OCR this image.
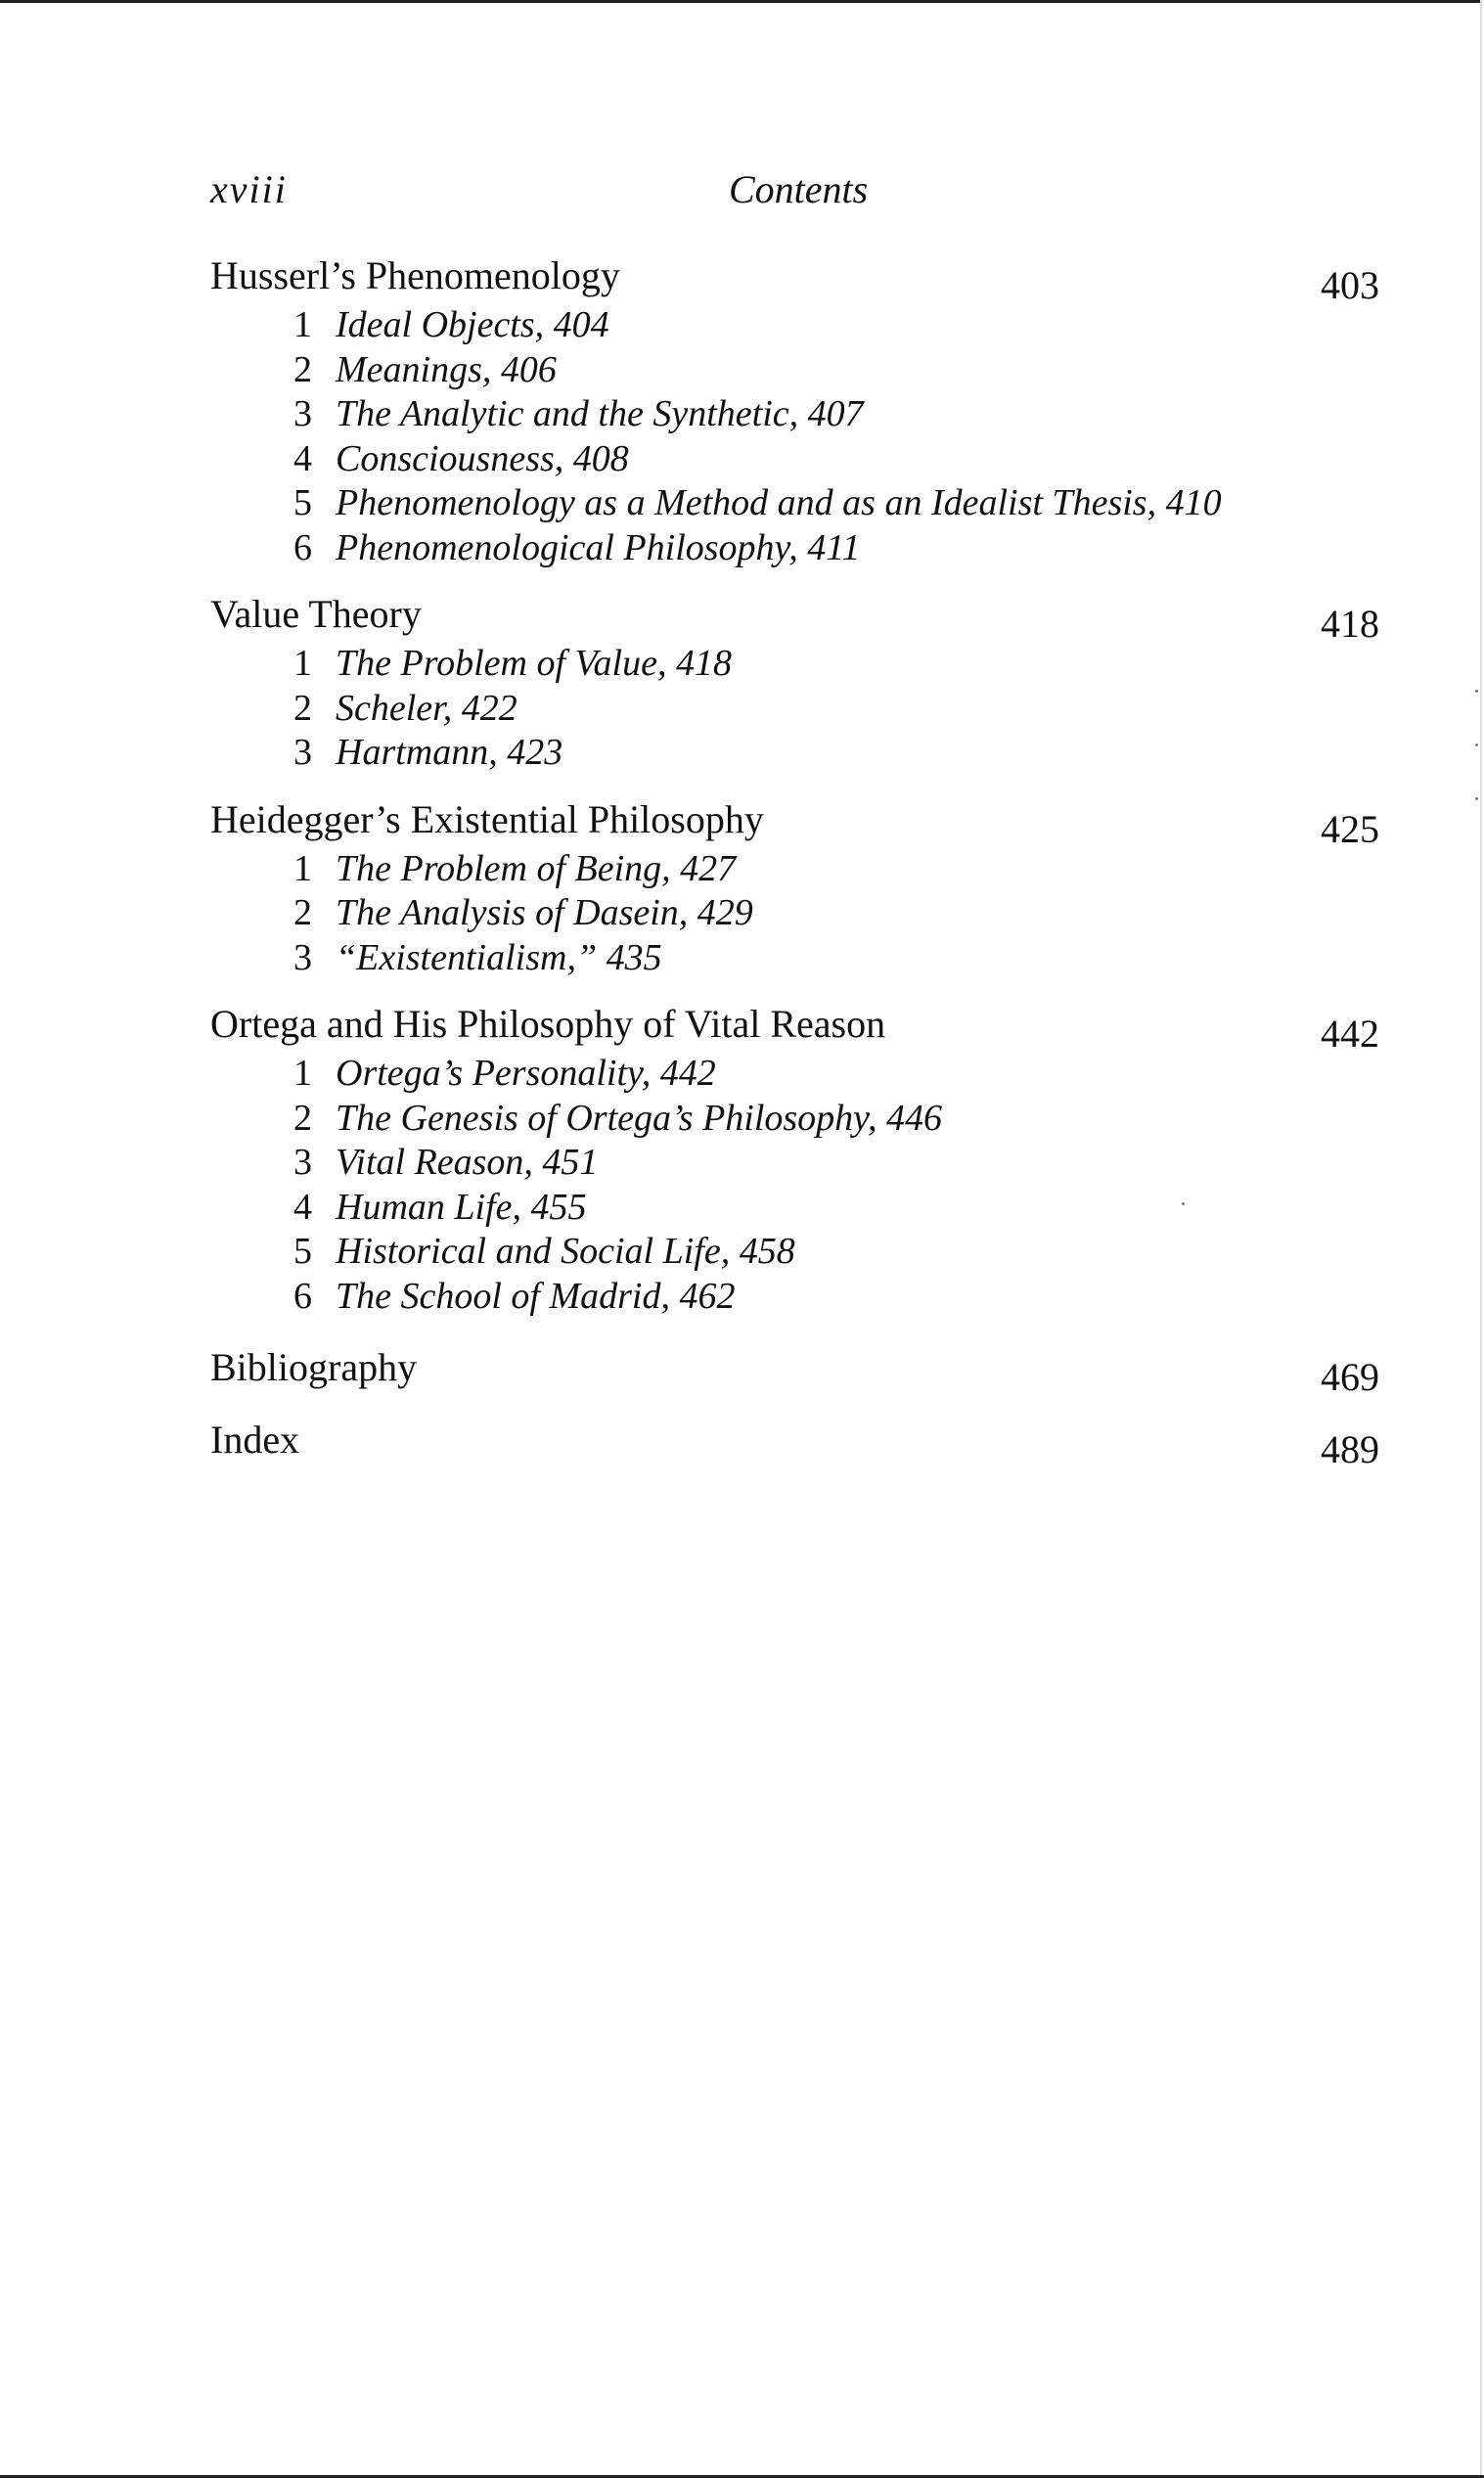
xviii	Contents
Husserl’s Phenomenology	403
1 Ideal Objects, 404
2 Meanings, 406
3 The Analytic and the Synthetic, 407
4 Consciousness, 408
5 Phenomenology as a Method and as an Idealist Thesis, 410
6 Phenomenological Philosophy, 411
Value Theory	418
1 The Problem of Value, 418
2 Scheler, 422
3 Hartmann, 423
Heidegger’s Existential Philosophy	425
1 The Problem of Being, 427
2 The Analysis of Dasein, 429
3 “Existentialism,” 435
Ortega and His Philosophy of Vital Reason	442
1 Ortega’s Personality, 442
2 The Genesis of Ortega’s Philosophy, 446
3 Vital Reason, 451
4 Human Life, 455
5 Historical and Social Life, 458
6 The School of Madrid, 462
Bibliography	469
Index	489
